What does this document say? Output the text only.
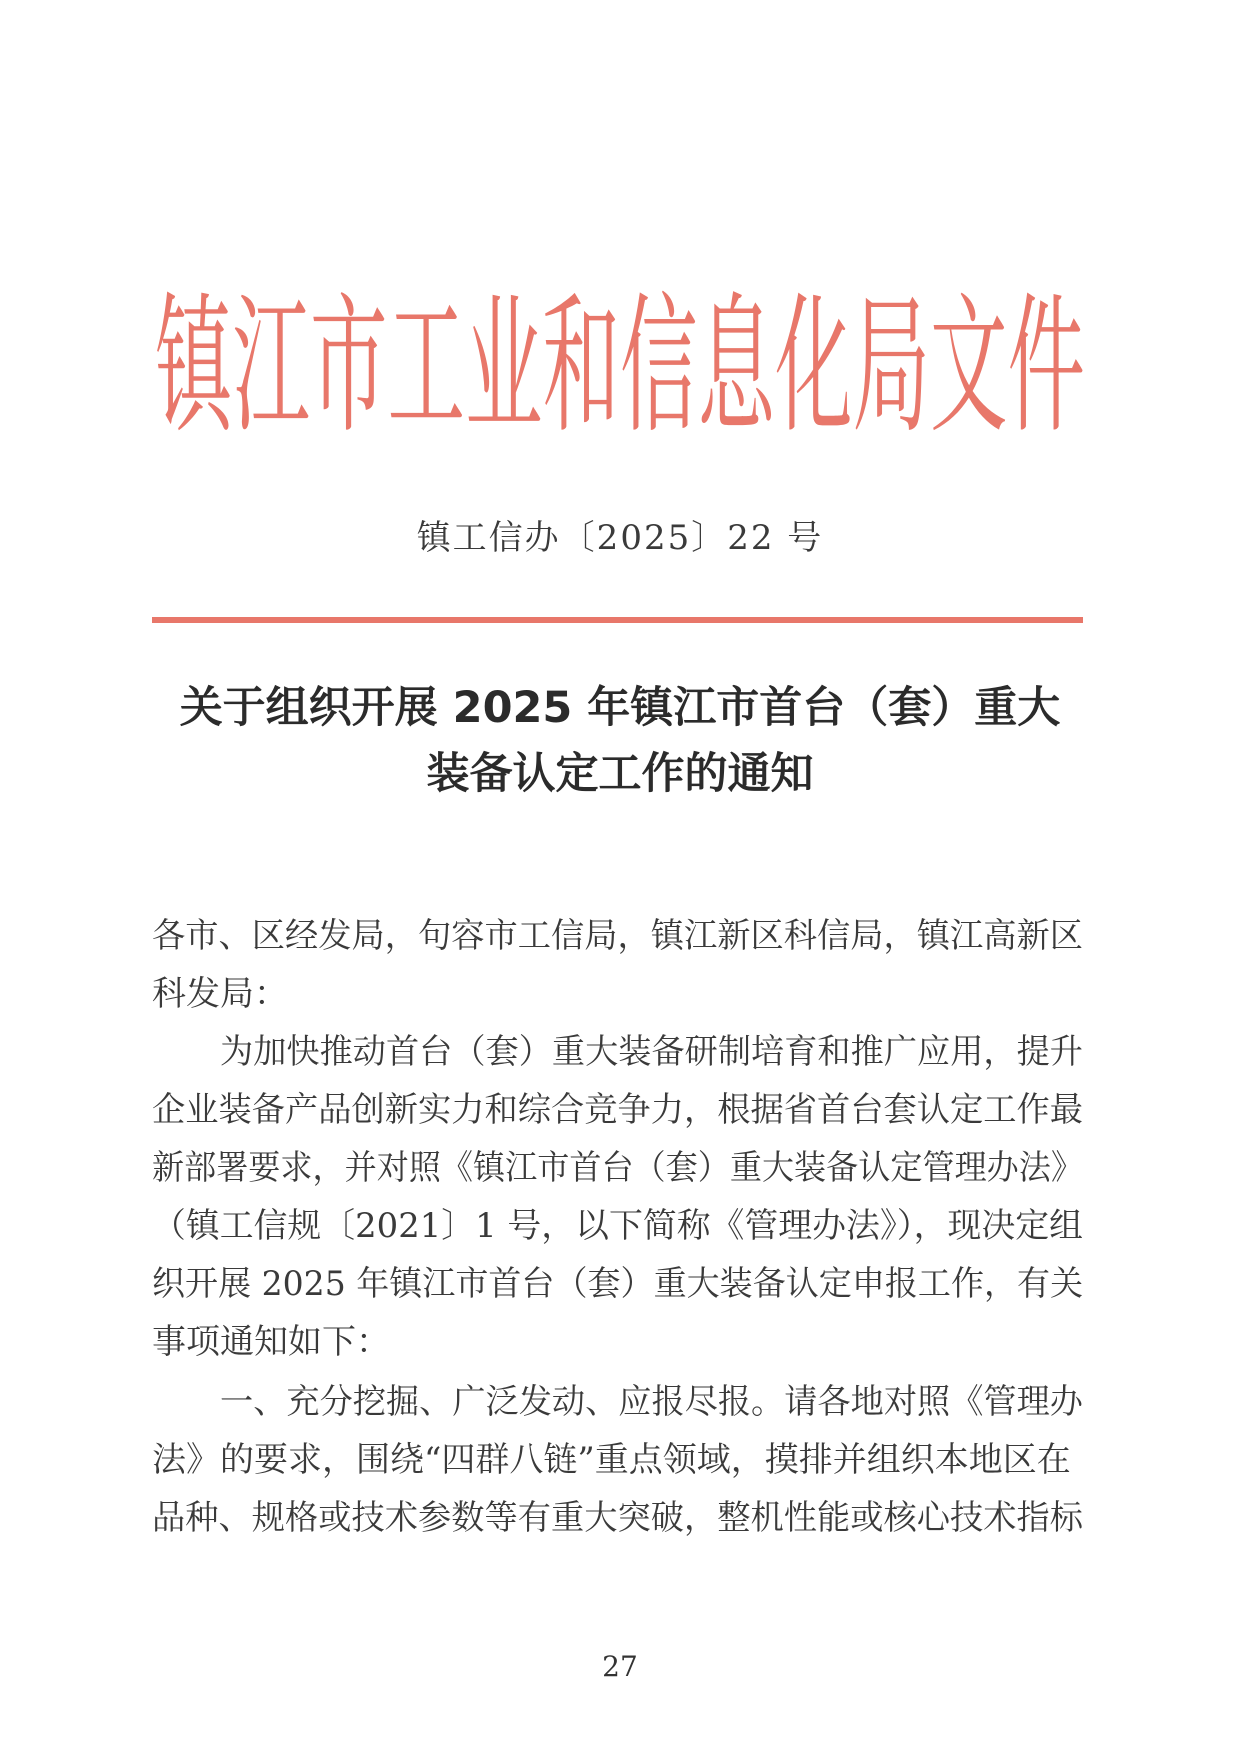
镇江市工业和信息化局文件
镇工信办〔2025〕22 号
关于组织开展 2025 年镇江市首台（套）重大
装备认定工作的通知
各市、区经发局，句容市工信局，镇江新区科信局，镇江高新区
科发局：
为加快推动首台（套）重大装备研制培育和推广应用，提升
企业装备产品创新实力和综合竞争力，根据省首台套认定工作最
新部署要求，并对照《镇江市首台（套）重大装备认定管理办法》
（镇工信规〔2021〕1 号，以下简称《管理办法》），现决定组
织开展 2025 年镇江市首台（套）重大装备认定申报工作，有关
事项通知如下：
一、充分挖掘、广泛发动、应报尽报。请各地对照《管理办
法》的要求，围绕“四群八链”重点领域，摸排并组织本地区在
品种、规格或技术参数等有重大突破，整机性能或核心技术指标
27
